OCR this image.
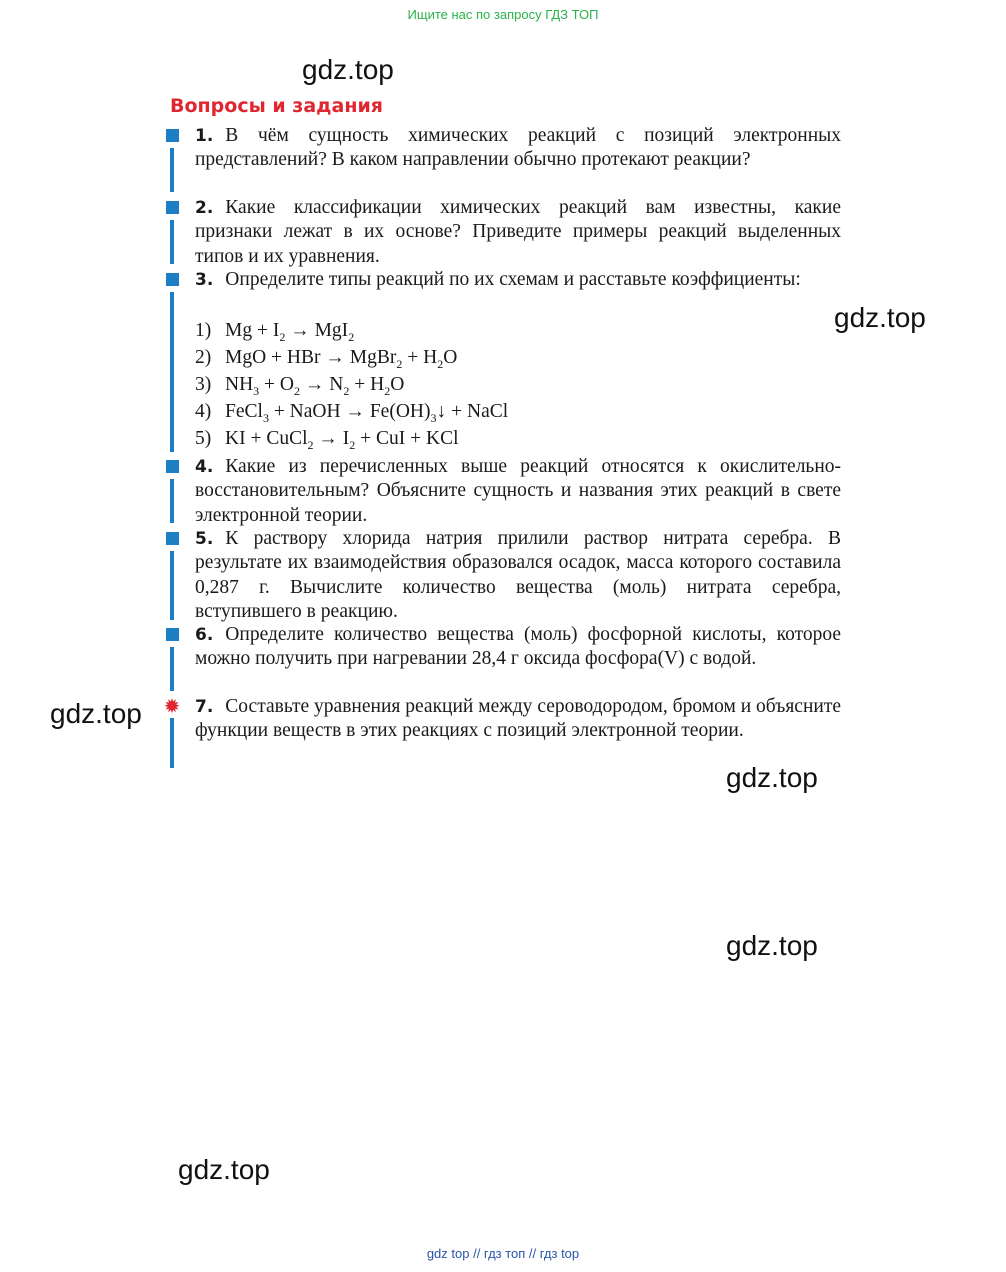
Ищите нас по запросу ГДЗ ТОП
gdz.top
gdz.top
gdz.top
gdz.top
gdz.top
gdz.top
Вопросы и задания
1. В чём сущность химических реакций с позиций электронных представлений? В каком направлении обычно протекают реакции?
2. Какие классификации химических реакций вам известны, какие признаки лежат в их основе? Приведите примеры реакций выделенных типов и их уравнения.
3. Определите типы реакций по их схемам и расставьте коэффициенты:
1) $Mg + I_2 \to MgI_2$
2) MgO + HBr → MgBr$_2$ + $H_2O$
3) $NH_3 + O_2 \to N_2 + H_2O$
4) FeCl$_3$ + NaOH → $Fe(OH)_3↓$ + NaCl
5) KI + CuCl$_2$ → $I_2$ + CuI + KCl
4. Какие из перечисленных выше реакций относятся к окислительно-восстановительным? Объясните сущность и названия этих реакций в свете электронной теории.
5. К раствору хлорида натрия прилили раствор нитрата серебра. В результате их взаимодействия образовался осадок, масса которого составила 0,287 г. Вычислите количество вещества (моль) нитрата серебра, вступившего в реакцию.
6. Определите количество вещества (моль) фосфорной кислоты, которое можно получить при нагревании 28,4 г оксида фосфора(V) с водой.
✹ 7. Составьте уравнения реакций между сероводородом, бромом и объясните функции веществ в этих реакциях с позиций электронной теории.
gdz top // гдз топ // гдз top
